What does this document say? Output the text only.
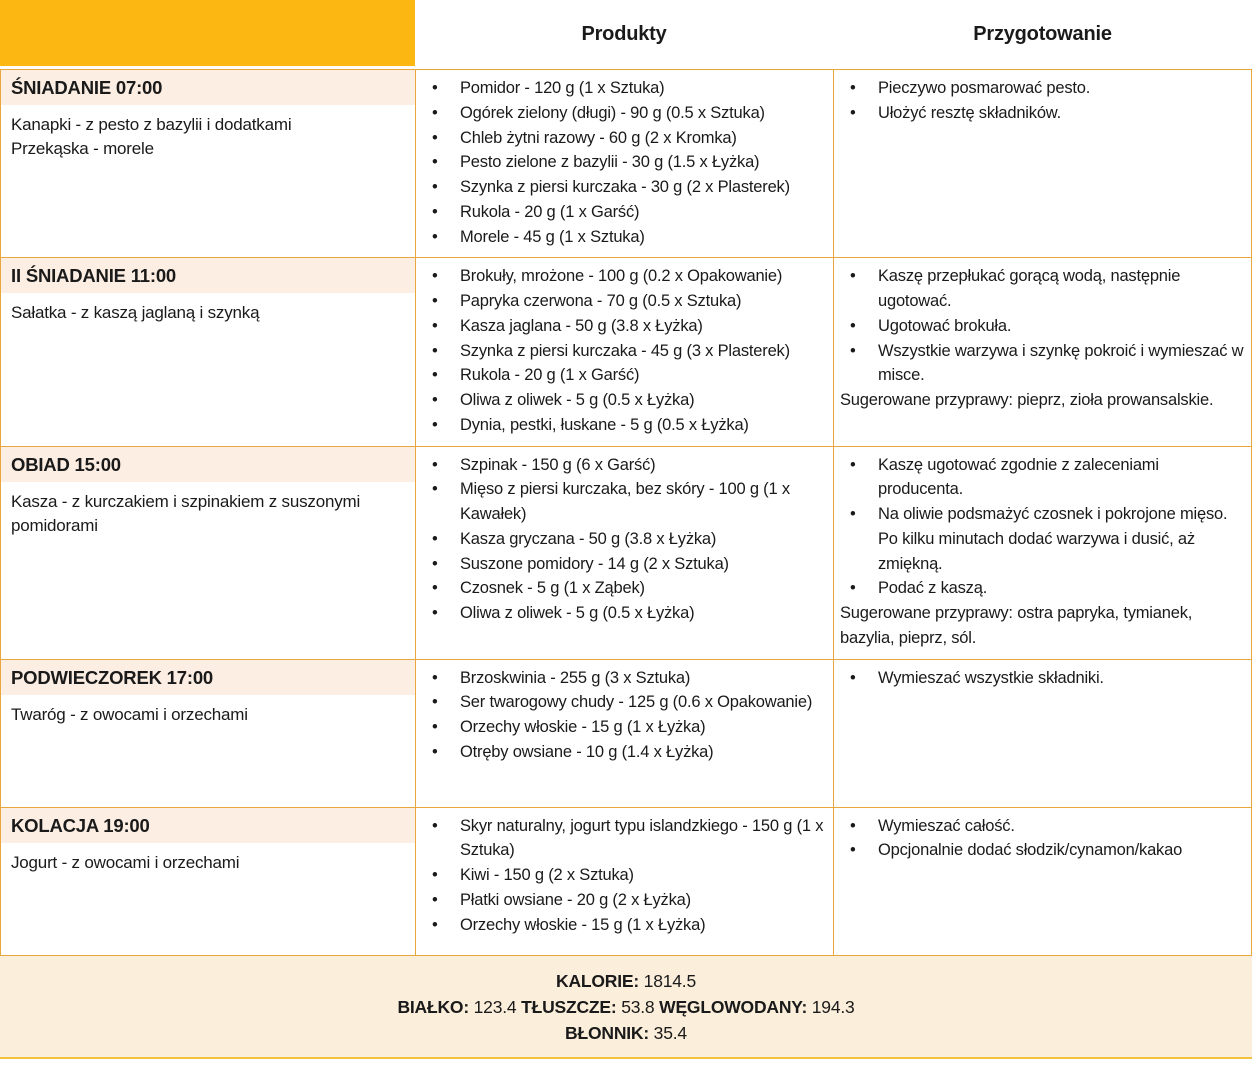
Produkty	Przygotowanie
ŚNIADANIE 07:00
Kanapki - z pesto z bazylii i dodatkami
Przekąska - morele
• Pomidor - 120 g (1 x Sztuka)
• Ogórek zielony (długi) - 90 g (0.5 x Sztuka)
• Chleb żytni razowy - 60 g (2 x Kromka)
• Pesto zielone z bazylii - 30 g (1.5 x Łyżka)
• Szynka z piersi kurczaka - 30 g (2 x Plasterek)
• Rukola - 20 g (1 x Garść)
• Morele - 45 g (1 x Sztuka)
• Pieczywo posmarować pesto.
• Ułożyć resztę składników.
II ŚNIADANIE 11:00
Sałatka - z kaszą jaglaną i szynką
• Brokuły, mrożone - 100 g (0.2 x Opakowanie)
• Papryka czerwona - 70 g (0.5 x Sztuka)
• Kasza jaglana - 50 g (3.8 x Łyżka)
• Szynka z piersi kurczaka - 45 g (3 x Plasterek)
• Rukola - 20 g (1 x Garść)
• Oliwa z oliwek - 5 g (0.5 x Łyżka)
• Dynia, pestki, łuskane - 5 g (0.5 x Łyżka)
• Kaszę przepłukać gorącą wodą, następnie ugotować.
• Ugotować brokuła.
• Wszystkie warzywa i szynkę pokroić i wymieszać w misce.
Sugerowane przyprawy: pieprz, zioła prowansalskie.
OBIAD 15:00
Kasza - z kurczakiem i szpinakiem z suszonymi pomidorami
• Szpinak - 150 g (6 x Garść)
• Mięso z piersi kurczaka, bez skóry - 100 g (1 x Kawałek)
• Kasza gryczana - 50 g (3.8 x Łyżka)
• Suszone pomidory - 14 g (2 x Sztuka)
• Czosnek - 5 g (1 x Ząbek)
• Oliwa z oliwek - 5 g (0.5 x Łyżka)
• Kaszę ugotować zgodnie z zaleceniami producenta.
• Na oliwie podsmażyć czosnek i pokrojone mięso. Po kilku minutach dodać warzywa i dusić, aż zmiękną.
• Podać z kaszą.
Sugerowane przyprawy: ostra papryka, tymianek, bazylia, pieprz, sól.
PODWIECZOREK 17:00
Twaróg - z owocami i orzechami
• Brzoskwinia - 255 g (3 x Sztuka)
• Ser twarogowy chudy - 125 g (0.6 x Opakowanie)
• Orzechy włoskie - 15 g (1 x Łyżka)
• Otręby owsiane - 10 g (1.4 x Łyżka)
• Wymieszać wszystkie składniki.
KOLACJA 19:00
Jogurt - z owocami i orzechami
• Skyr naturalny, jogurt typu islandzkiego - 150 g (1 x Sztuka)
• Kiwi - 150 g (2 x Sztuka)
• Płatki owsiane - 20 g (2 x Łyżka)
• Orzechy włoskie - 15 g (1 x Łyżka)
• Wymieszać całość.
• Opcjonalnie dodać słodzik/cynamon/kakao
KALORIE: 1814.5
BIAŁKO: 123.4 TŁUSZCZE: 53.8 WĘGLOWODANY: 194.3
BŁONNIK: 35.4
